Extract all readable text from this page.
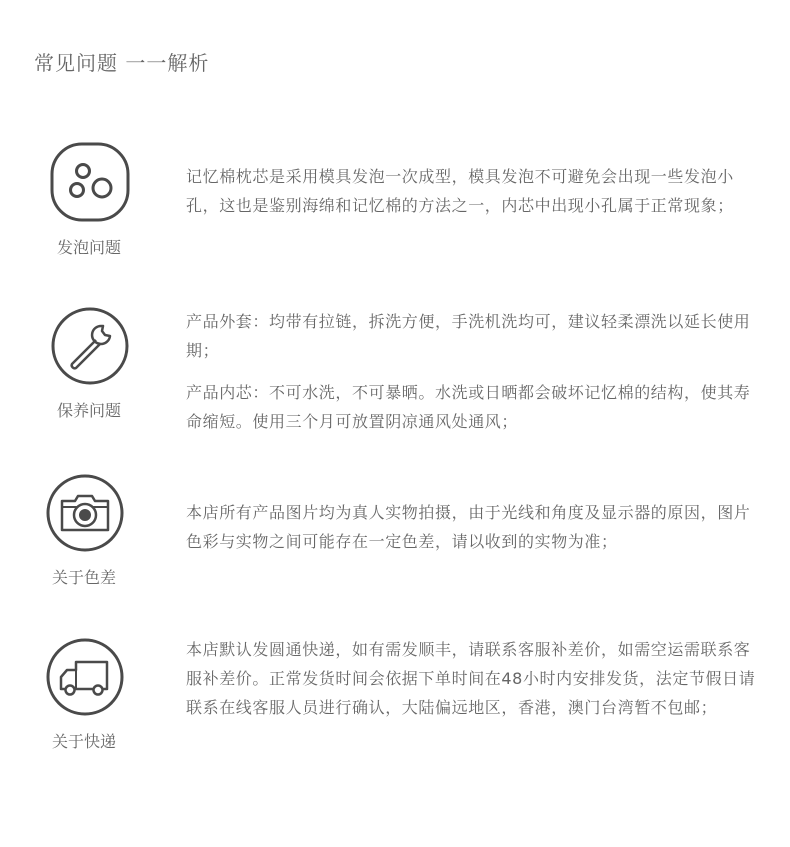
常见问题 一一解析
发泡问题

记忆棉枕芯是采用模具发泡一次成型，模具发泡不可避免会出现一些发泡小孔，这也是鉴别海绵和记忆棉的方法之一，内芯中出现小孔属于正常现象；

保养问题

产品外套：均带有拉链，拆洗方便，手洗机洗均可，建议轻柔漂洗以延长使用期；

产品内芯：不可水洗，不可暴晒。水洗或日晒都会破坏记忆棉的结构，使其寿命缩短。使用三个月可放置阴凉通风处通风；

关于色差

本店所有产品图片均为真人实物拍摄，由于光线和角度及显示器的原因，图片色彩与实物之间可能存在一定色差，请以收到的实物为准；

关于快递

本店默认发圆通快递，如有需发顺丰，请联系客服补差价，如需空运需联系客服补差价。正常发货时间会依据下单时间在48小时内安排发货，法定节假日请联系在线客服人员进行确认，大陆偏远地区，香港，澳门台湾暂不包邮；
